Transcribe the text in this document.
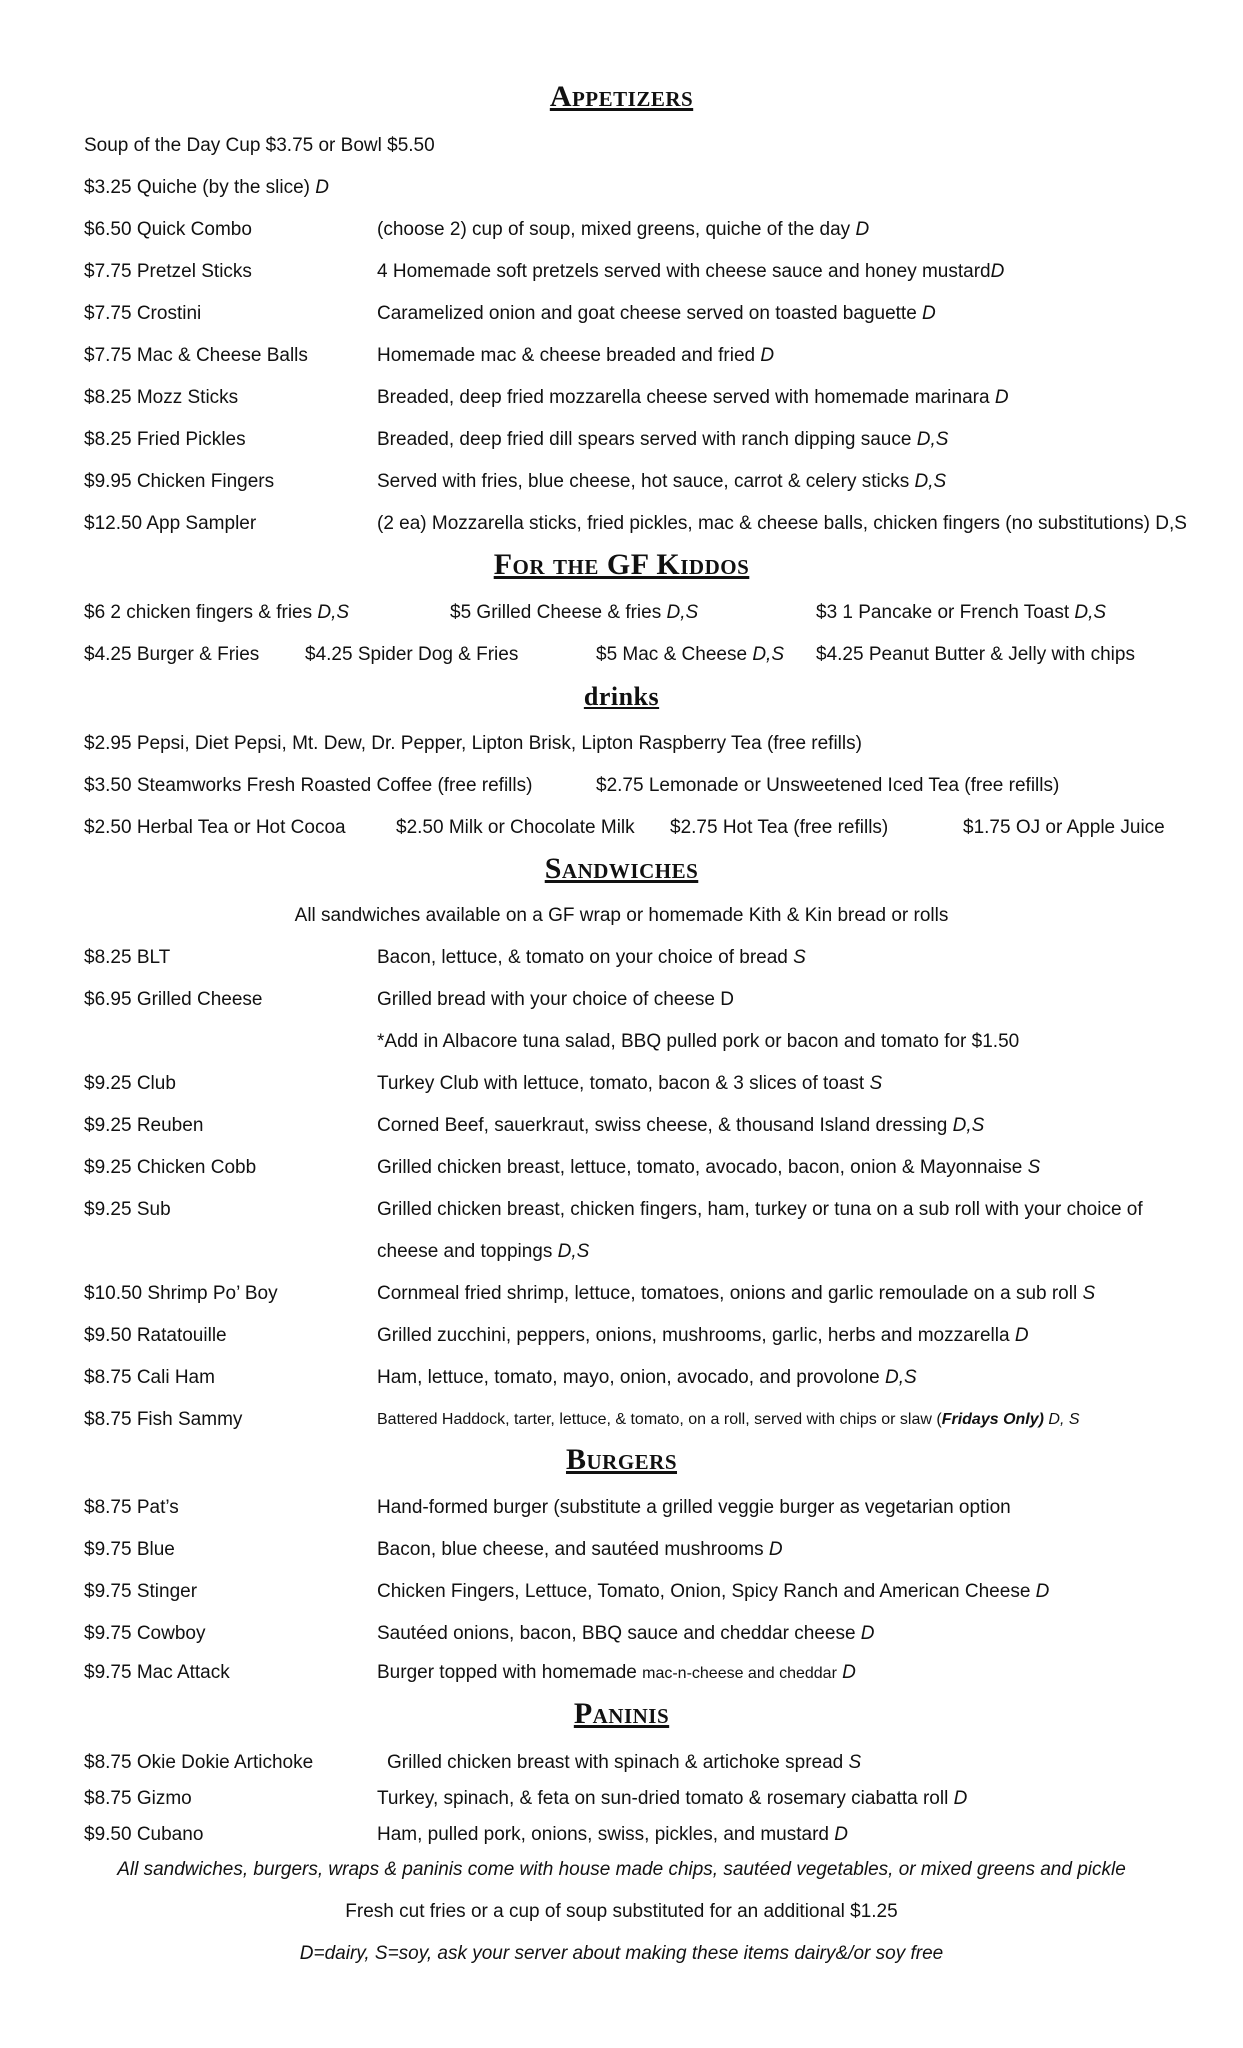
Appetizers
Soup of the Day Cup $3.75 or Bowl $5.50
$3.25 Quiche (by the slice) D
$6.50 Quick Combo	(choose 2) cup of soup, mixed greens, quiche of the day D
$7.75 Pretzel Sticks	4 Homemade soft pretzels served with cheese sauce and honey mustardD
$7.75 Crostini	Caramelized onion and goat cheese served on toasted baguette D
$7.75 Mac & Cheese Balls	Homemade mac & cheese breaded and fried D
$8.25 Mozz Sticks	Breaded, deep fried mozzarella cheese served with homemade marinara D
$8.25 Fried Pickles	Breaded, deep fried dill spears served with ranch dipping sauce D,S
$9.95 Chicken Fingers	Served with fries, blue cheese, hot sauce, carrot & celery sticks D,S
$12.50 App Sampler	(2 ea) Mozzarella sticks, fried pickles, mac & cheese balls, chicken fingers (no substitutions) D,S
For the GF Kiddos
$6 2 chicken fingers & fries D,S	$5 Grilled Cheese & fries D,S	$3 1 Pancake or French Toast D,S
$4.25 Burger & Fries $4.25 Spider Dog & Fries	$5 Mac & Cheese D,S $4.25 Peanut Butter & Jelly with chips
drinks
$2.95 Pepsi, Diet Pepsi, Mt. Dew, Dr. Pepper, Lipton Brisk, Lipton Raspberry Tea (free refills)
$3.50 Steamworks Fresh Roasted Coffee (free refills)	$2.75 Lemonade or Unsweetened Iced Tea (free refills)
$2.50 Herbal Tea or Hot Cocoa	$2.50 Milk or Chocolate Milk $2.75 Hot Tea (free refills)	$1.75 OJ or Apple Juice
Sandwiches
All sandwiches available on a GF wrap or homemade Kith & Kin bread or rolls
$8.25 BLT	Bacon, lettuce, & tomato on your choice of bread S
$6.95 Grilled Cheese	Grilled bread with your choice of cheese D
*Add in Albacore tuna salad, BBQ pulled pork or bacon and tomato for $1.50
$9.25 Club	Turkey Club with lettuce, tomato, bacon & 3 slices of toast S
$9.25 Reuben	Corned Beef, sauerkraut, swiss cheese, & thousand Island dressing D,S
$9.25 Chicken Cobb	Grilled chicken breast, lettuce, tomato, avocado, bacon, onion & Mayonnaise S
$9.25 Sub	Grilled chicken breast, chicken fingers, ham, turkey or tuna on a sub roll with your choice of
cheese and toppings D,S
$10.50 Shrimp Po’ Boy	Cornmeal fried shrimp, lettuce, tomatoes, onions and garlic remoulade on a sub roll S
$9.50 Ratatouille	Grilled zucchini, peppers, onions, mushrooms, garlic, herbs and mozzarella D
$8.75 Cali Ham	Ham, lettuce, tomato, mayo, onion, avocado, and provolone D,S
$8.75 Fish Sammy	Battered Haddock, tarter, lettuce, & tomato, on a roll, served with chips or slaw (Fridays Only) D, S
Burgers
$8.75 Pat’s	Hand-formed burger (substitute a grilled veggie burger as vegetarian option
$9.75 Blue	Bacon, blue cheese, and sautéed mushrooms D
$9.75 Stinger	Chicken Fingers, Lettuce, Tomato, Onion, Spicy Ranch and American Cheese D
$9.75 Cowboy	Sautéed onions, bacon, BBQ sauce and cheddar cheese D
$9.75 Mac Attack	Burger topped with homemade mac-n-cheese and cheddar D
Paninis
$8.75 Okie Dokie Artichoke	Grilled chicken breast with spinach & artichoke spread S
$8.75 Gizmo	Turkey, spinach, & feta on sun-dried tomato & rosemary ciabatta roll D
$9.50 Cubano	Ham, pulled pork, onions, swiss, pickles, and mustard D
All sandwiches, burgers, wraps & paninis come with house made chips, sautéed vegetables, or mixed greens and pickle
Fresh cut fries or a cup of soup substituted for an additional $1.25
D=dairy, S=soy, ask your server about making these items dairy&/or soy free
